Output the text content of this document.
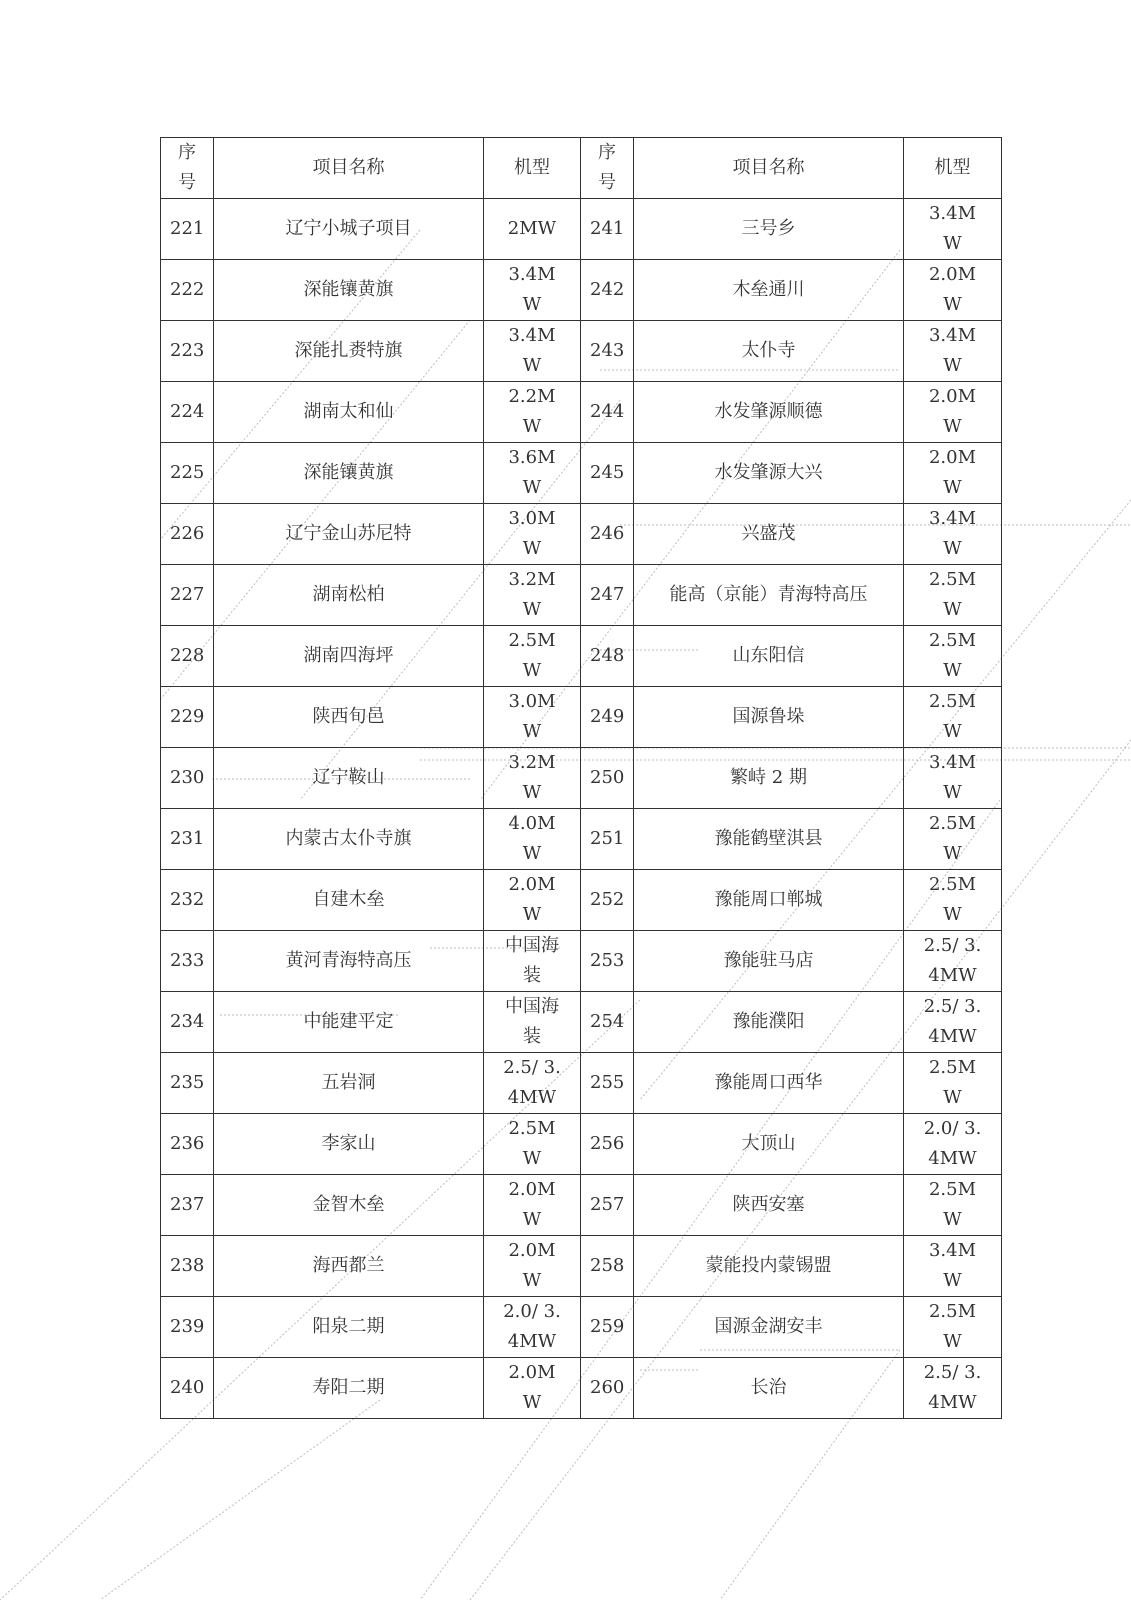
序号	项目名称	机型	序号	项目名称	机型
221	辽宁小城子项目	2MW	241	三号乡	3.4MW
222	深能镶黄旗	3.4MW	242	木垒通川	2.0MW
223	深能扎赉特旗	3.4MW	243	太仆寺	3.4MW
224	湖南太和仙	2.2MW	244	水发肇源顺德	2.0MW
225	深能镶黄旗	3.6MW	245	水发肇源大兴	2.0MW
226	辽宁金山苏尼特	3.0MW	246	兴盛茂	3.4MW
227	湖南松柏	3.2MW	247	能高（京能）青海特高压	2.5MW
228	湖南四海坪	2.5MW	248	山东阳信	2.5MW
229	陕西旬邑	3.0MW	249	国源鲁垛	2.5MW
230	辽宁鞍山	3.2MW	250	繁峙 2 期	3.4MW
231	内蒙古太仆寺旗	4.0MW	251	豫能鹤壁淇县	2.5MW
232	自建木垒	2.0MW	252	豫能周口郸城	2.5MW
233	黄河青海特高压	中国海装	253	豫能驻马店	2.5/ 3.4MW
234	中能建平定	中国海装	254	豫能濮阳	2.5/ 3.4MW
235	五岩洞	2.5/ 3.4MW	255	豫能周口西华	2.5MW
236	李家山	2.5MW	256	大顶山	2.0/ 3.4MW
237	金智木垒	2.0MW	257	陕西安塞	2.5MW
238	海西都兰	2.0MW	258	蒙能投内蒙锡盟	3.4MW
239	阳泉二期	2.0/ 3.4MW	259	国源金湖安丰	2.5MW
240	寿阳二期	2.0MW	260	长治	2.5/ 3.4MW
